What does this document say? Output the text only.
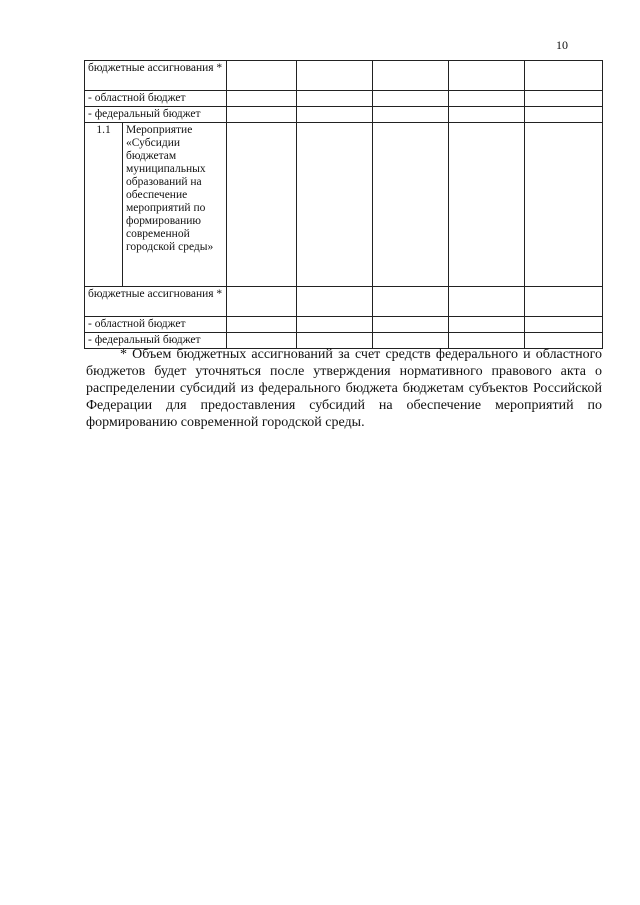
10
бюджетные ассигнования *						
- областной бюджет						
- федеральный бюджет						
1.1	Мероприятие «Субсидии бюджетам муниципальных образований на обеспечение мероприятий по формированию современной городской среды»					
бюджетные ассигнования *						
- областной бюджет						
- федеральный бюджет						

* Объем бюджетных ассигнований за счет средств федерального и областного бюджетов будет уточняться после утверждения нормативного правового акта о распределении субсидий из федерального бюджета бюджетам субъектов Российской Федерации для предоставления субсидий на обеспечение мероприятий по формированию современной городской среды.
